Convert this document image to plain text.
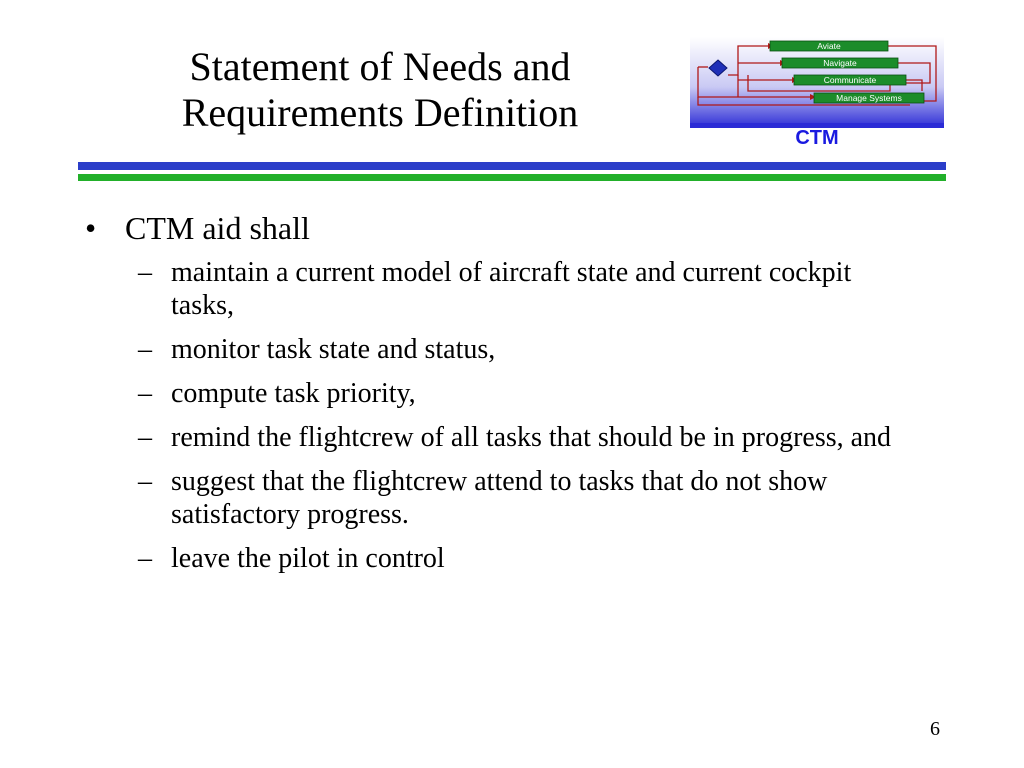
Statement of Needs and
Requirements Definition
Aviate
Navigate
Communicate
Manage Systems
CTM
• CTM aid shall
– maintain a current model of aircraft state and current cockpit tasks,
– monitor task state and status,
– compute task priority,
– remind the flightcrew of all tasks that should be in progress, and
– suggest that the flightcrew attend to tasks that do not show satisfactory progress.
– leave the pilot in control
6
